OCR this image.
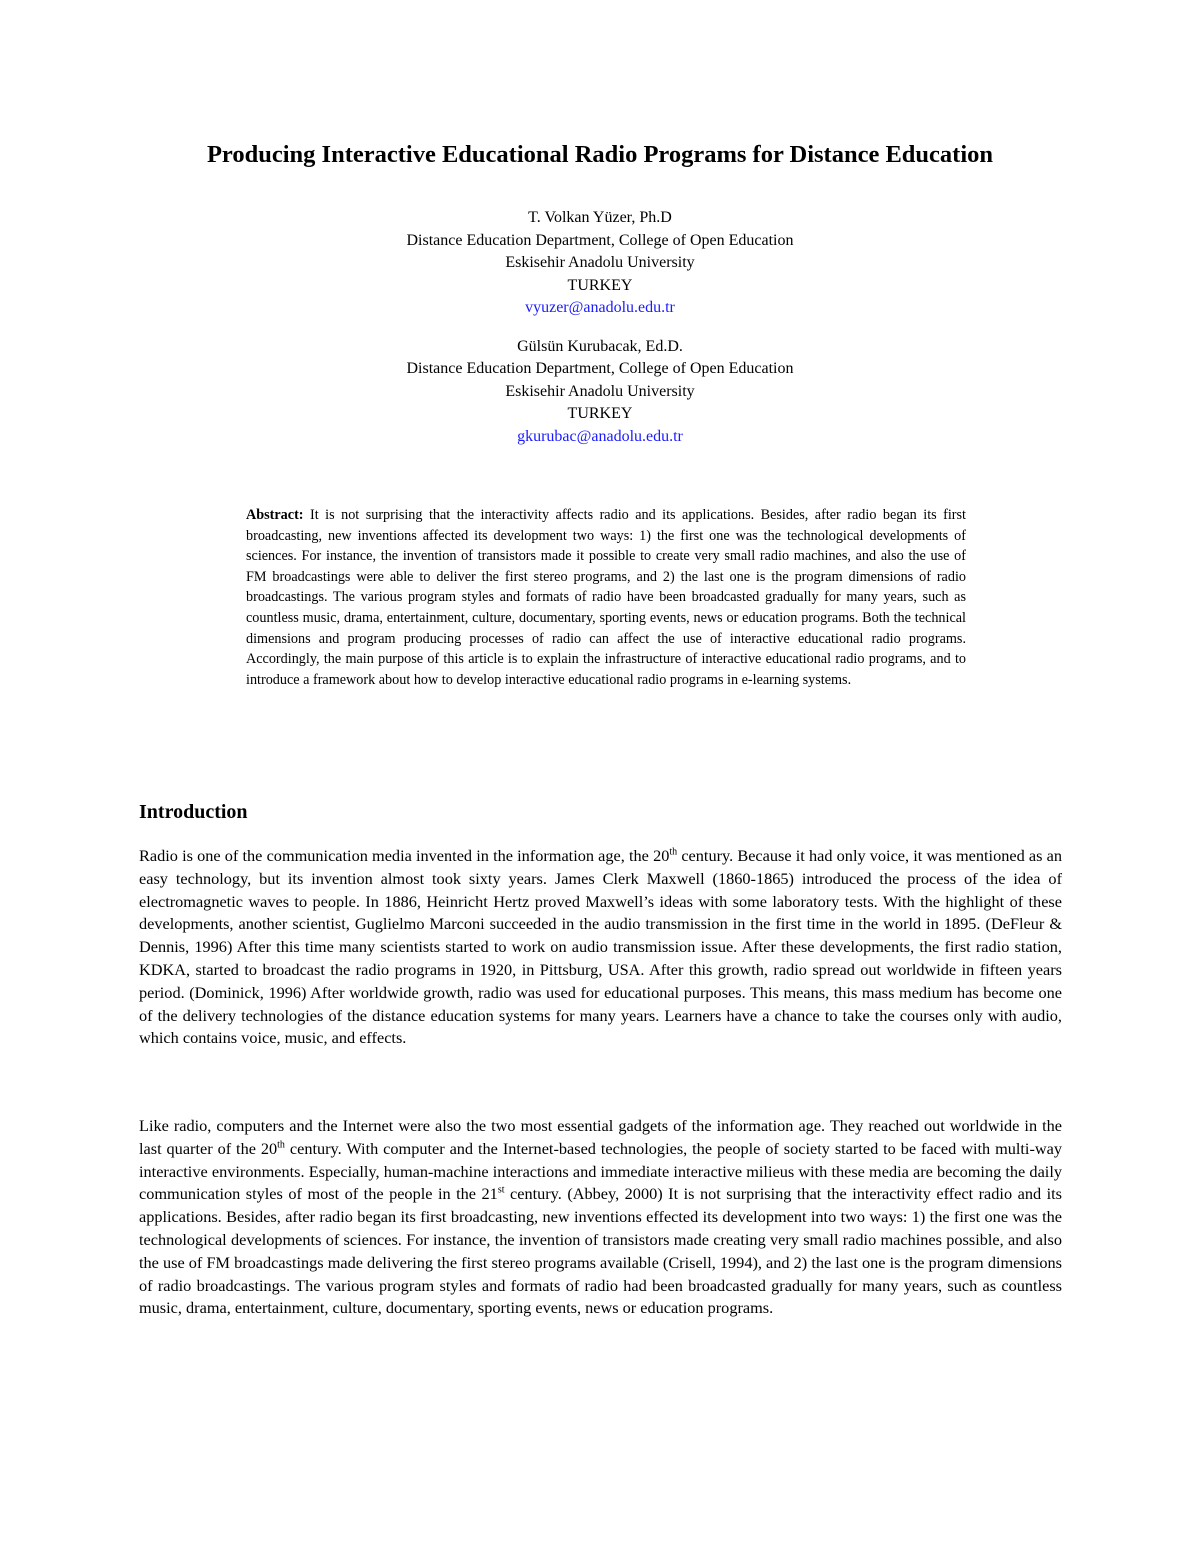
Producing Interactive Educational Radio Programs for Distance Education
T. Volkan Yüzer, Ph.D
Distance Education Department, College of Open Education
Eskisehir Anadolu University
TURKEY
vyuzer@anadolu.edu.tr
Gülsün Kurubacak, Ed.D.
Distance Education Department, College of Open Education
Eskisehir Anadolu University
TURKEY
gkurubac@anadolu.edu.tr

Abstract: It is not surprising that the interactivity affects radio and its applications. Besides, after radio began its first broadcasting, new inventions affected its development two ways: 1) the first one was the technological developments of sciences. For instance, the invention of transistors made it possible to create very small radio machines, and also the use of FM broadcastings were able to deliver the first stereo programs, and 2) the last one is the program dimensions of radio broadcastings. The various program styles and formats of radio have been broadcasted gradually for many years, such as countless music, drama, entertainment, culture, documentary, sporting events, news or education programs. Both the technical dimensions and program producing processes of radio can affect the use of interactive educational radio programs. Accordingly, the main purpose of this article is to explain the infrastructure of interactive educational radio programs, and to introduce a framework about how to develop interactive educational radio programs in e-learning systems.

Introduction

Radio is one of the communication media invented in the information age, the 20th century. Because it had only voice, it was mentioned as an easy technology, but its invention almost took sixty years. James Clerk Maxwell (1860-1865) introduced the process of the idea of electromagnetic waves to people. In 1886, Heinricht Hertz proved Maxwell’s ideas with some laboratory tests. With the highlight of these developments, another scientist, Guglielmo Marconi succeeded in the audio transmission in the first time in the world in 1895. (DeFleur & Dennis, 1996) After this time many scientists started to work on audio transmission issue. After these developments, the first radio station, KDKA, started to broadcast the radio programs in 1920, in Pittsburg, USA. After this growth, radio spread out worldwide in fifteen years period. (Dominick, 1996) After worldwide growth, radio was used for educational purposes. This means, this mass medium has become one of the delivery technologies of the distance education systems for many years. Learners have a chance to take the courses only with audio, which contains voice, music, and effects.

Like radio, computers and the Internet were also the two most essential gadgets of the information age. They reached out worldwide in the last quarter of the 20th century. With computer and the Internet-based technologies, the people of society started to be faced with multi-way interactive environments. Especially, human-machine interactions and immediate interactive milieus with these media are becoming the daily communication styles of most of the people in the 21st century. (Abbey, 2000) It is not surprising that the interactivity effect radio and its applications. Besides, after radio began its first broadcasting, new inventions effected its development into two ways: 1) the first one was the technological developments of sciences. For instance, the invention of transistors made creating very small radio machines possible, and also the use of FM broadcastings made delivering the first stereo programs available (Crisell, 1994), and 2) the last one is the program dimensions of radio broadcastings. The various program styles and formats of radio had been broadcasted gradually for many years, such as countless music, drama, entertainment, culture, documentary, sporting events, news or education programs.
